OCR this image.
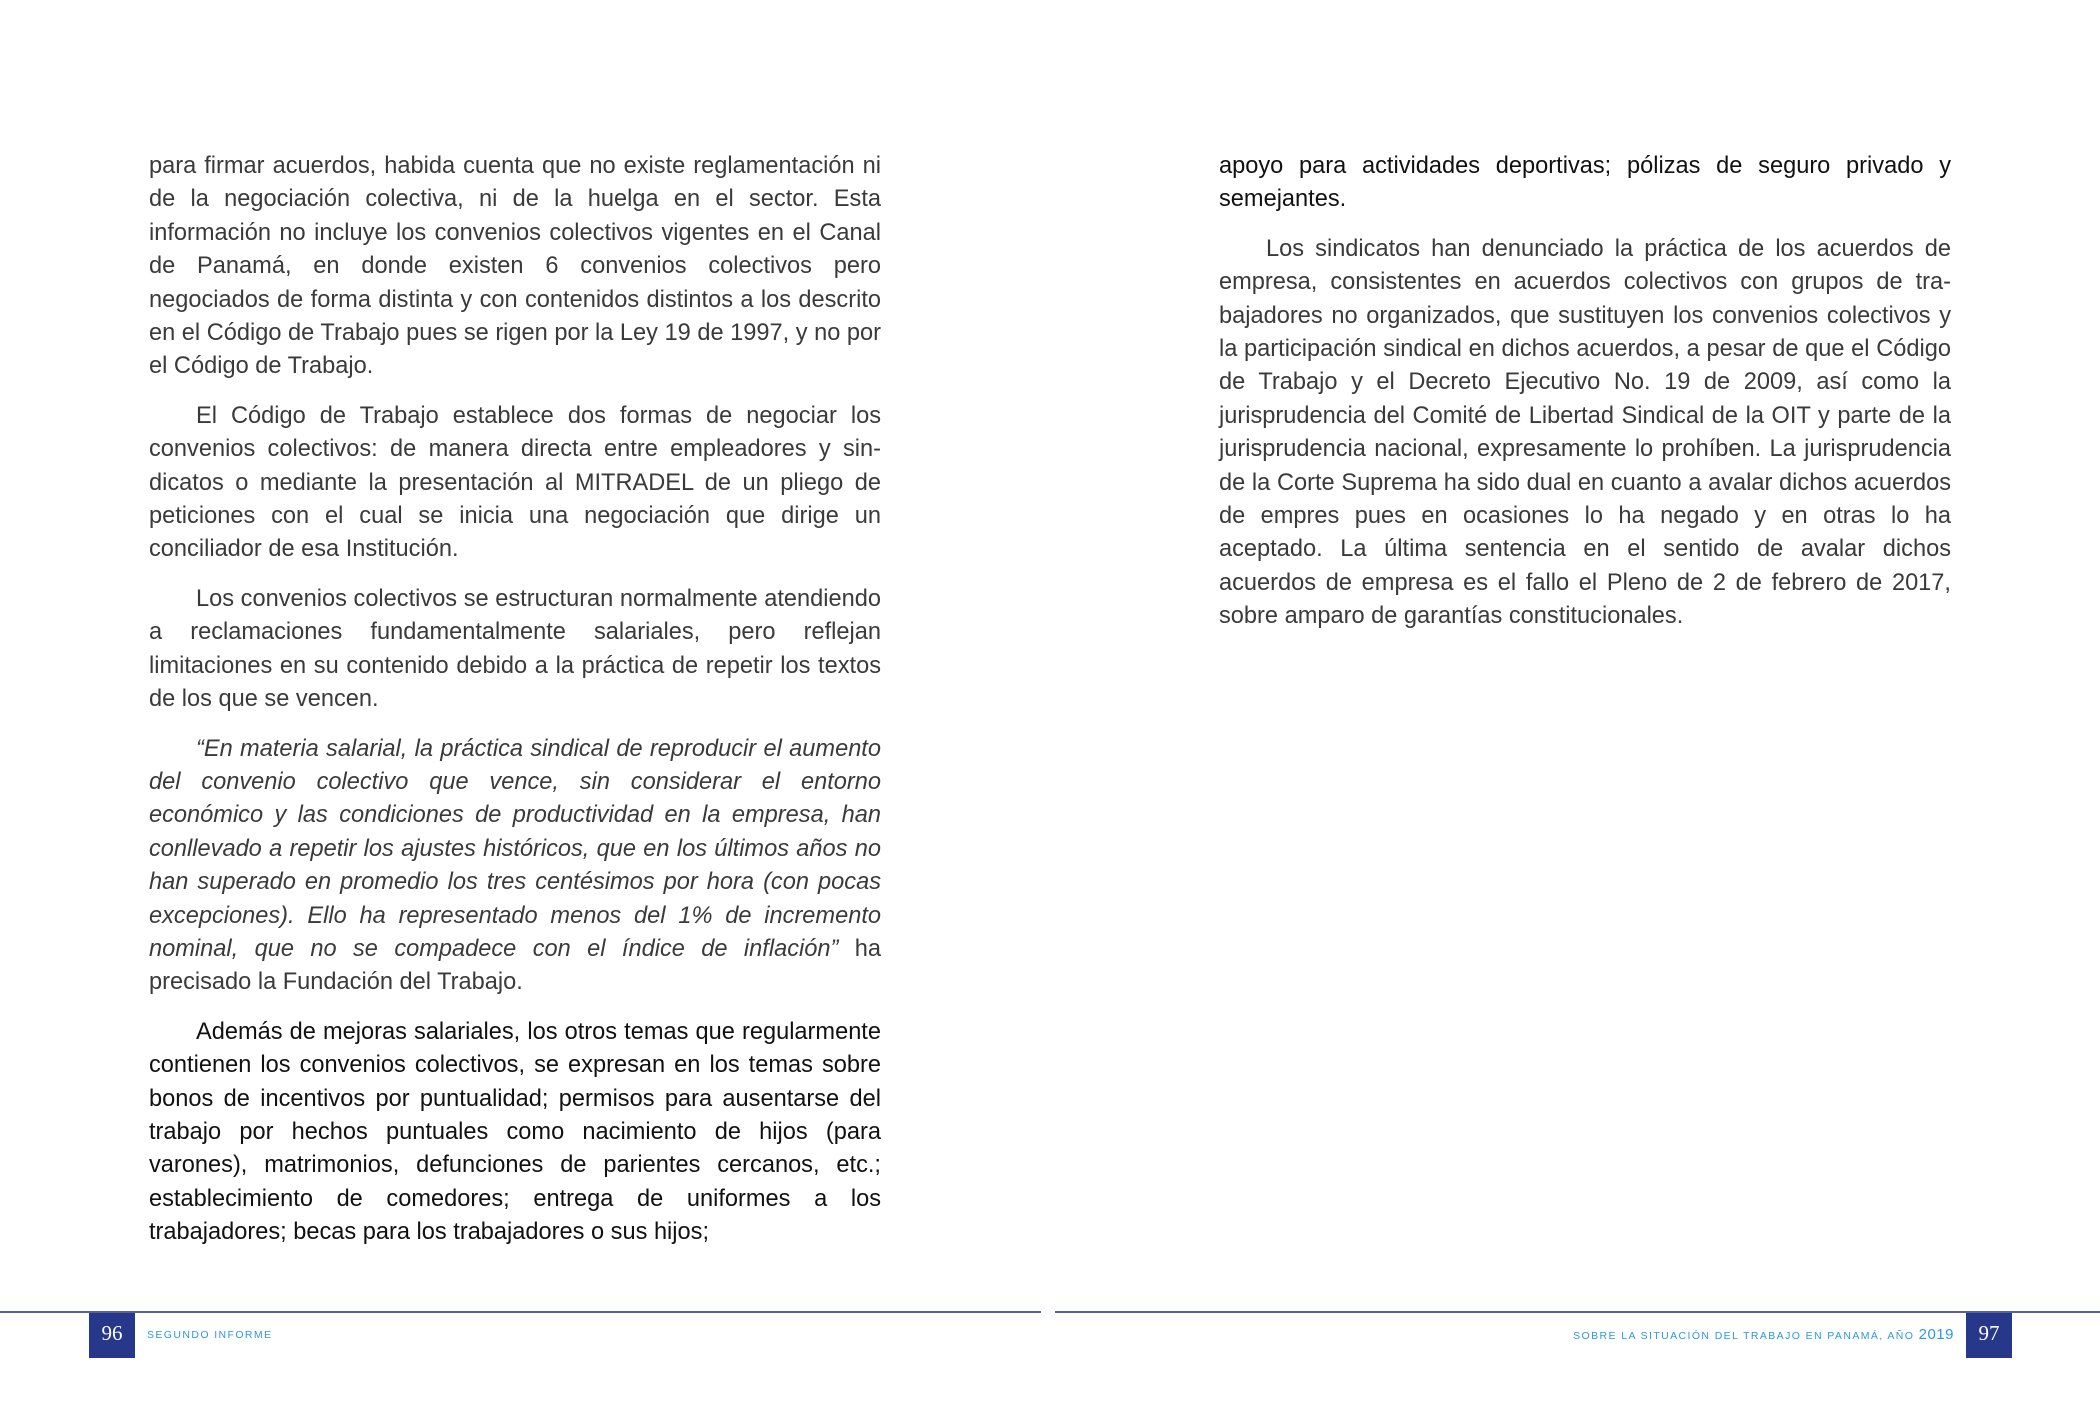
para firmar acuerdos, habida cuenta que no existe reglamentación ni de la negociación colectiva, ni de la huelga en el sector. Esta información no incluye los convenios colectivos vigentes en el Canal de Panamá, en donde existen 6 convenios colectivos pero negociados de forma distinta y con contenidos distintos a los descrito en el Código de Trabajo pues se rigen por la Ley 19 de 1997, y no por el Código de Trabajo.

El Código de Trabajo establece dos formas de negociar los convenios colectivos: de manera directa entre empleadores y sindicatos o mediante la presentación al MITRADEL de un pliego de peticiones con el cual se inicia una negociación que dirige un conciliador de esa Institución.

Los convenios colectivos se estructuran normalmente atendiendo a reclamaciones fundamentalmente salariales, pero reflejan limitaciones en su contenido debido a la práctica de repetir los textos de los que se vencen.

“En materia salarial, la práctica sindical de reproducir el aumento del convenio colectivo que vence, sin considerar el entorno económico y las condiciones de productividad en la empresa, han conllevado a repetir los ajustes históricos, que en los últimos años no han superado en promedio los tres centésimos por hora (con pocas excepciones). Ello ha representado menos del 1% de incremento nominal, que no se compadece con el índice de inflación” ha precisado la Fundación del Trabajo.

Además de mejoras salariales, los otros temas que regularmente contienen los convenios colectivos, se expresan en los temas sobre bonos de incentivos por puntualidad; permisos para ausentarse del trabajo por hechos puntuales como nacimiento de hijos (para varones), matrimonios, defunciones de parientes cercanos, etc.; establecimiento de comedores; entrega de uniformes a los trabajadores; becas para los trabajadores o sus hijos;

96	SEGUNDO INFORME

apoyo para actividades deportivas; pólizas de seguro privado y semejantes.

Los sindicatos han denunciado la práctica de los acuerdos de empresa, consistentes en acuerdos colectivos con grupos de trabajadores no organizados, que sustituyen los convenios colectivos y la participación sindical en dichos acuerdos, a pesar de que el Código de Trabajo y el Decreto Ejecutivo No. 19 de 2009, así como la jurisprudencia del Comité de Libertad Sindical de la OIT y parte de la jurisprudencia nacional, expresamente lo prohíben. La jurisprudencia de la Corte Suprema ha sido dual en cuanto a avalar dichos acuerdos de empres pues en ocasiones lo ha negado y en otras lo ha aceptado. La última sentencia en el sentido de avalar dichos acuerdos de empresa es el fallo el Pleno de 2 de febrero de 2017, sobre amparo de garantías constitucionales.

SOBRE LA SITUACIÓN DEL TRABAJO EN PANAMÁ, AÑO 2019	97
